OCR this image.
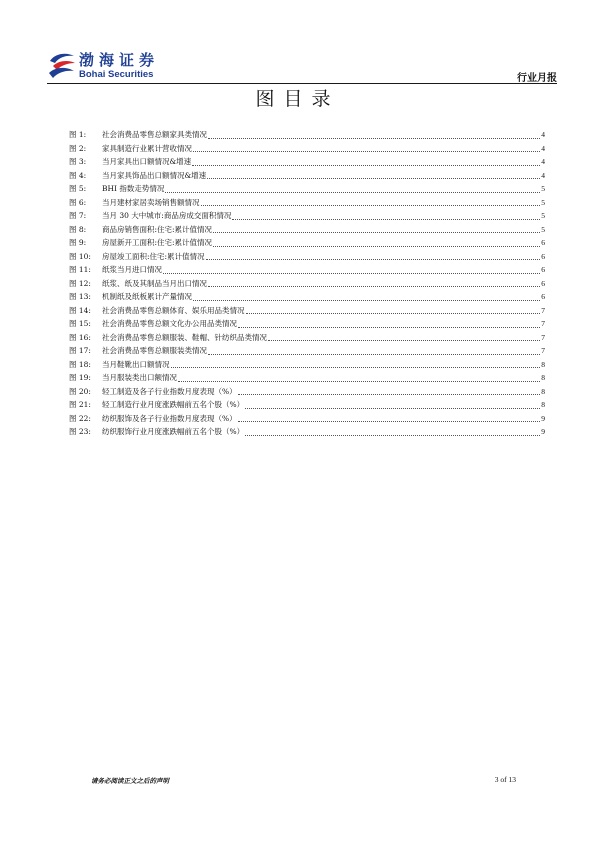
渤海证券
Bohai Securities	行业月报
图目录
图 1:	社会消费品零售总额家具类情况	4
图 2:	家具制造行业累计营收情况	4
图 3:	当月家具出口额情况&增速	4
图 4:	当月家具饰品出口额情况&增速	4
图 5:	BHI 指数走势情况	5
图 6:	当月建材家居卖场销售额情况	5
图 7:	当月 30 大中城市:商品房成交面积情况	5
图 8:	商品房销售面积:住宅:累计值情况	5
图 9:	房屋新开工面积:住宅:累计值情况	6
图 10:	房屋竣工面积:住宅:累计值情况	6
图 11:	纸浆当月进口情况	6
图 12:	纸浆、纸及其制品当月出口情况	6
图 13:	机制纸及纸板累计产量情况	6
图 14:	社会消费品零售总额体育、娱乐用品类情况	7
图 15:	社会消费品零售总额文化办公用品类情况	7
图 16:	社会消费品零售总额服装、鞋帽、针纺织品类情况	7
图 17:	社会消费品零售总额服装类情况	7
图 18:	当月鞋靴出口额情况	8
图 19:	当月服装类出口额情况	8
图 20:	轻工制造及各子行业指数月度表现（%）	8
图 21:	轻工制造行业月度涨跌幅前五名个股（%）	8
图 22:	纺织服饰及各子行业指数月度表现（%）	9
图 23:	纺织服饰行业月度涨跌幅前五名个股（%）	9
请务必阅读正文之后的声明	3 of 13
